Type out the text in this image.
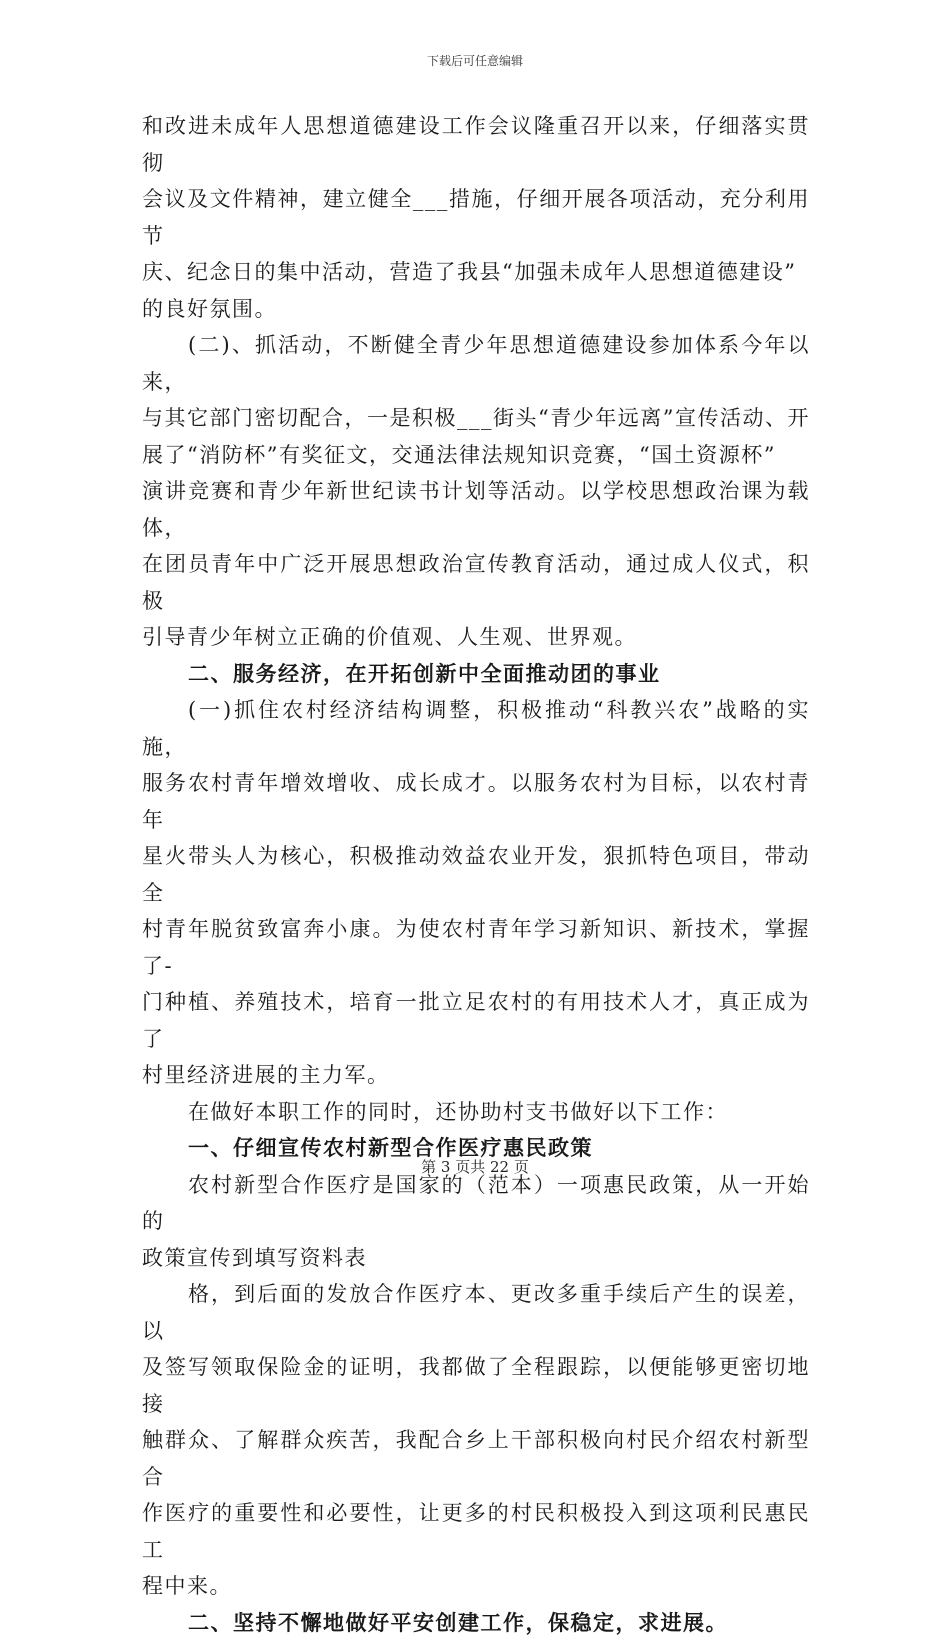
下载后可任意编辑

和改进未成年人思想道德建设工作会议隆重召开以来，仔细落实贯彻
会议及文件精神，建立健全___措施，仔细开展各项活动，充分利用节
庆、纪念日的集中活动，营造了我县“加强未成年人思想道德建设”
的良好氛围。

(二)、抓活动，不断健全青少年思想道德建设参加体系今年以来，
与其它部门密切配合，一是积极___街头“青少年远离”宣传活动、开
展了“消防杯”有奖征文，交通法律法规知识竞赛，“国土资源杯”
演讲竞赛和青少年新世纪读书计划等活动。以学校思想政治课为载体，
在团员青年中广泛开展思想政治宣传教育活动，通过成人仪式，积极
引导青少年树立正确的价值观、人生观、世界观。

二、服务经济，在开拓创新中全面推动团的事业

(一)抓住农村经济结构调整，积极推动“科教兴农”战略的实施，
服务农村青年增效增收、成长成才。以服务农村为目标，以农村青年
星火带头人为核心，积极推动效益农业开发，狠抓特色项目，带动全
村青年脱贫致富奔小康。为使农村青年学习新知识、新技术，掌握了-
门种植、养殖技术，培育一批立足农村的有用技术人才，真正成为了
村里经济进展的主力军。

在做好本职工作的同时，还协助村支书做好以下工作：

一、仔细宣传农村新型合作医疗惠民政策

农村新型合作医疗是国家的（范本）一项惠民政策，从一开始的
政策宣传到填写资料表

格，到后面的发放合作医疗本、更改多重手续后产生的误差，以
及签写领取保险金的证明，我都做了全程跟踪，以便能够更密切地接
触群众、了解群众疾苦，我配合乡上干部积极向村民介绍农村新型合
作医疗的重要性和必要性，让更多的村民积极投入到这项利民惠民工
程中来。

二、坚持不懈地做好平安创建工作，保稳定，求进展。

第 3 页共 22 页
